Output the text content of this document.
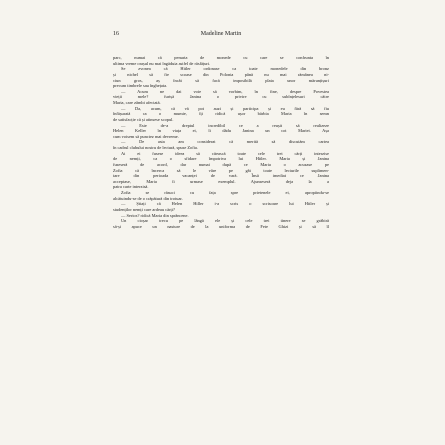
16	Madeline Martin
parc, numai că penuria de monede cu care se confrunta în
ultima vreme orașul nu mai îngăduia astfel de răsfățuri.
Se zvonea că Hitler ordonase ca toate monedele din bronz
și nichel să fie scoase din Polonia până nu mai rămânea ni-
ciun gros, aș încât să facă imposibilă plata unor mărunțișuri
precum timbrele sau înghețata.
— Acum ne dai voie să vorbim, în fine, despre Povestea
vieții mele? furișă Janina o privire cu subînțelesuri către
Maria, care zâmbi afectată.
— Da, acum, că vă pot auzi și participa și eu fără să fiu
înfășurată ca o mumie, îți ridică ușor bărbia Maria în semn
de satisfacție că și atinsese scopul.
— Este de-a dreptul incredibil ce a reușit să realizeze
Helen Keller în viața ei, îi dădu Janina un cot Mariei. Așa
cum voisem să punctez mai devreme.
— De asta am considerat că merită să discutăm cartea
în cadrul clubului nostru de lectură, spuse Zofia.
Ai ei fusese ideea să citească toate cele trei cărți interzise
de nemți, ca o sfidare împotriva lui Hitler. Maria și Janina
fuseseră de acord, dar numai după ce Maria o acuzase pe
Zofia că încerca să le vâre pe gât toate lecturile suplimen-
tare din perioada vacanței de vară. Însă imediat ce Janina
acceptase, Maria îi urmase exemplul. Ajunseseră deja la a
patra carte interzisă.
Zofia se răsuci cu fața spre prietenele ei, apropiindu-se
alcătuindu-se de o crăpătură din trotuar.
— Știați că Helen Hiller i-a scris o scrisoare lui Hitler și
studenților nemți care ardeau cărți?
— Serios? ridică Maria din sprâncene.
Un cioșar trecu pe lângă ele și cele trei tinere se grăbiră
să-și apuce un nasture de la uniforma de Fete Ghizi și să îl
